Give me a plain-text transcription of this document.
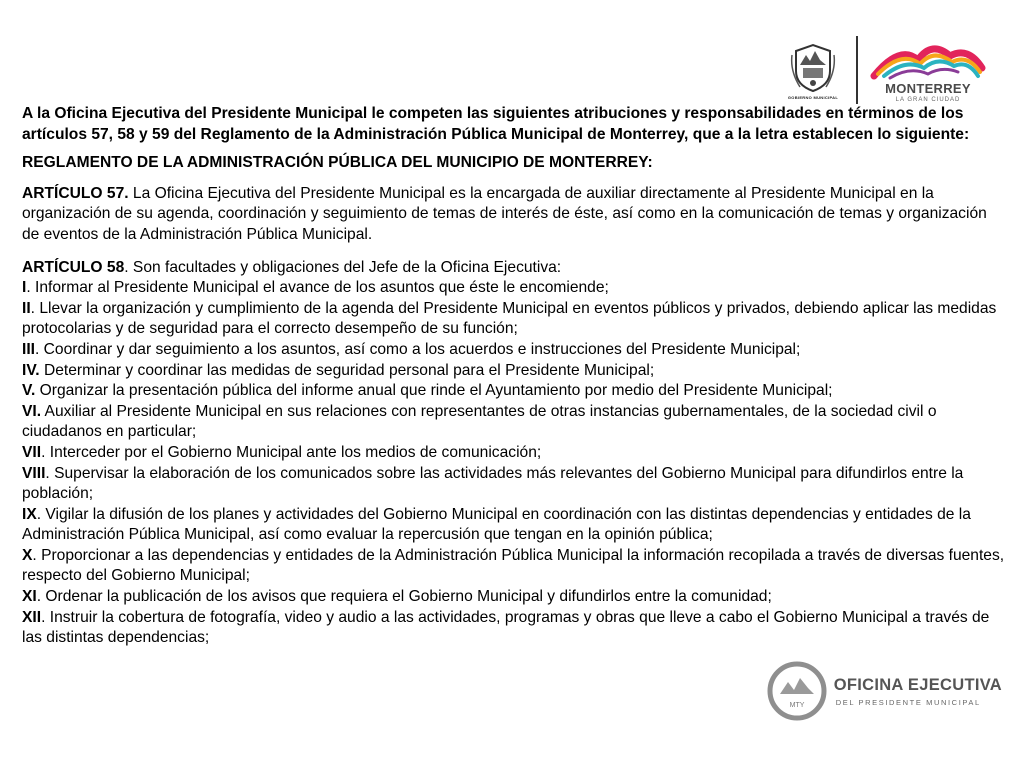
GOBIERNO MUNICIPAL
MONTERREY
LA GRAN CIUDAD

A la Oficina Ejecutiva del Presidente Municipal le competen las siguientes atribuciones y responsabilidades en términos de los artículos 57, 58 y 59 del Reglamento de la Administración Pública Municipal de Monterrey, que a la letra establecen lo siguiente:

REGLAMENTO DE LA ADMINISTRACIÓN PÚBLICA DEL MUNICIPIO DE MONTERREY:

ARTÍCULO 57. La Oficina Ejecutiva del Presidente Municipal es la encargada de auxiliar directamente al Presidente Municipal en la organización de su agenda, coordinación y seguimiento de temas de interés de éste, así como en la comunicación de temas y organización de eventos de la Administración Pública Municipal.

ARTÍCULO 58. Son facultades y obligaciones del Jefe de la Oficina Ejecutiva:

I. Informar al Presidente Municipal el avance de los asuntos que éste le encomiende;

II. Llevar la organización y cumplimiento de la agenda del Presidente Municipal en eventos públicos y privados, debiendo aplicar las medidas protocolarias y de seguridad para el correcto desempeño de su función;

III. Coordinar y dar seguimiento a los asuntos, así como a los acuerdos e instrucciones del Presidente Municipal;

IV. Determinar y coordinar las medidas de seguridad personal para el Presidente Municipal;

V. Organizar la presentación pública del informe anual que rinde el Ayuntamiento por medio del Presidente Municipal;

VI. Auxiliar al Presidente Municipal en sus relaciones con representantes de otras instancias gubernamentales, de la sociedad civil o ciudadanos en particular;

VII. Interceder por el Gobierno Municipal ante los medios de comunicación;

VIII. Supervisar la elaboración de los comunicados sobre las actividades más relevantes del Gobierno Municipal para difundirlos entre la población;

IX. Vigilar la difusión de los planes y actividades del Gobierno Municipal en coordinación con las distintas dependencias y entidades de la Administración Pública Municipal, así como evaluar la repercusión que tengan en la opinión pública;

X. Proporcionar a las dependencias y entidades de la Administración Pública Municipal la información recopilada a través de diversas fuentes, respecto del Gobierno Municipal;

XI. Ordenar la publicación de los avisos que requiera el Gobierno Municipal y difundirlos entre la comunidad;

XII. Instruir la cobertura de fotografía, video y audio a las actividades, programas y obras que lleve a cabo el Gobierno Municipal a través de las distintas dependencias;

MTY
OFICINA EJECUTIVA
DEL PRESIDENTE MUNICIPAL
